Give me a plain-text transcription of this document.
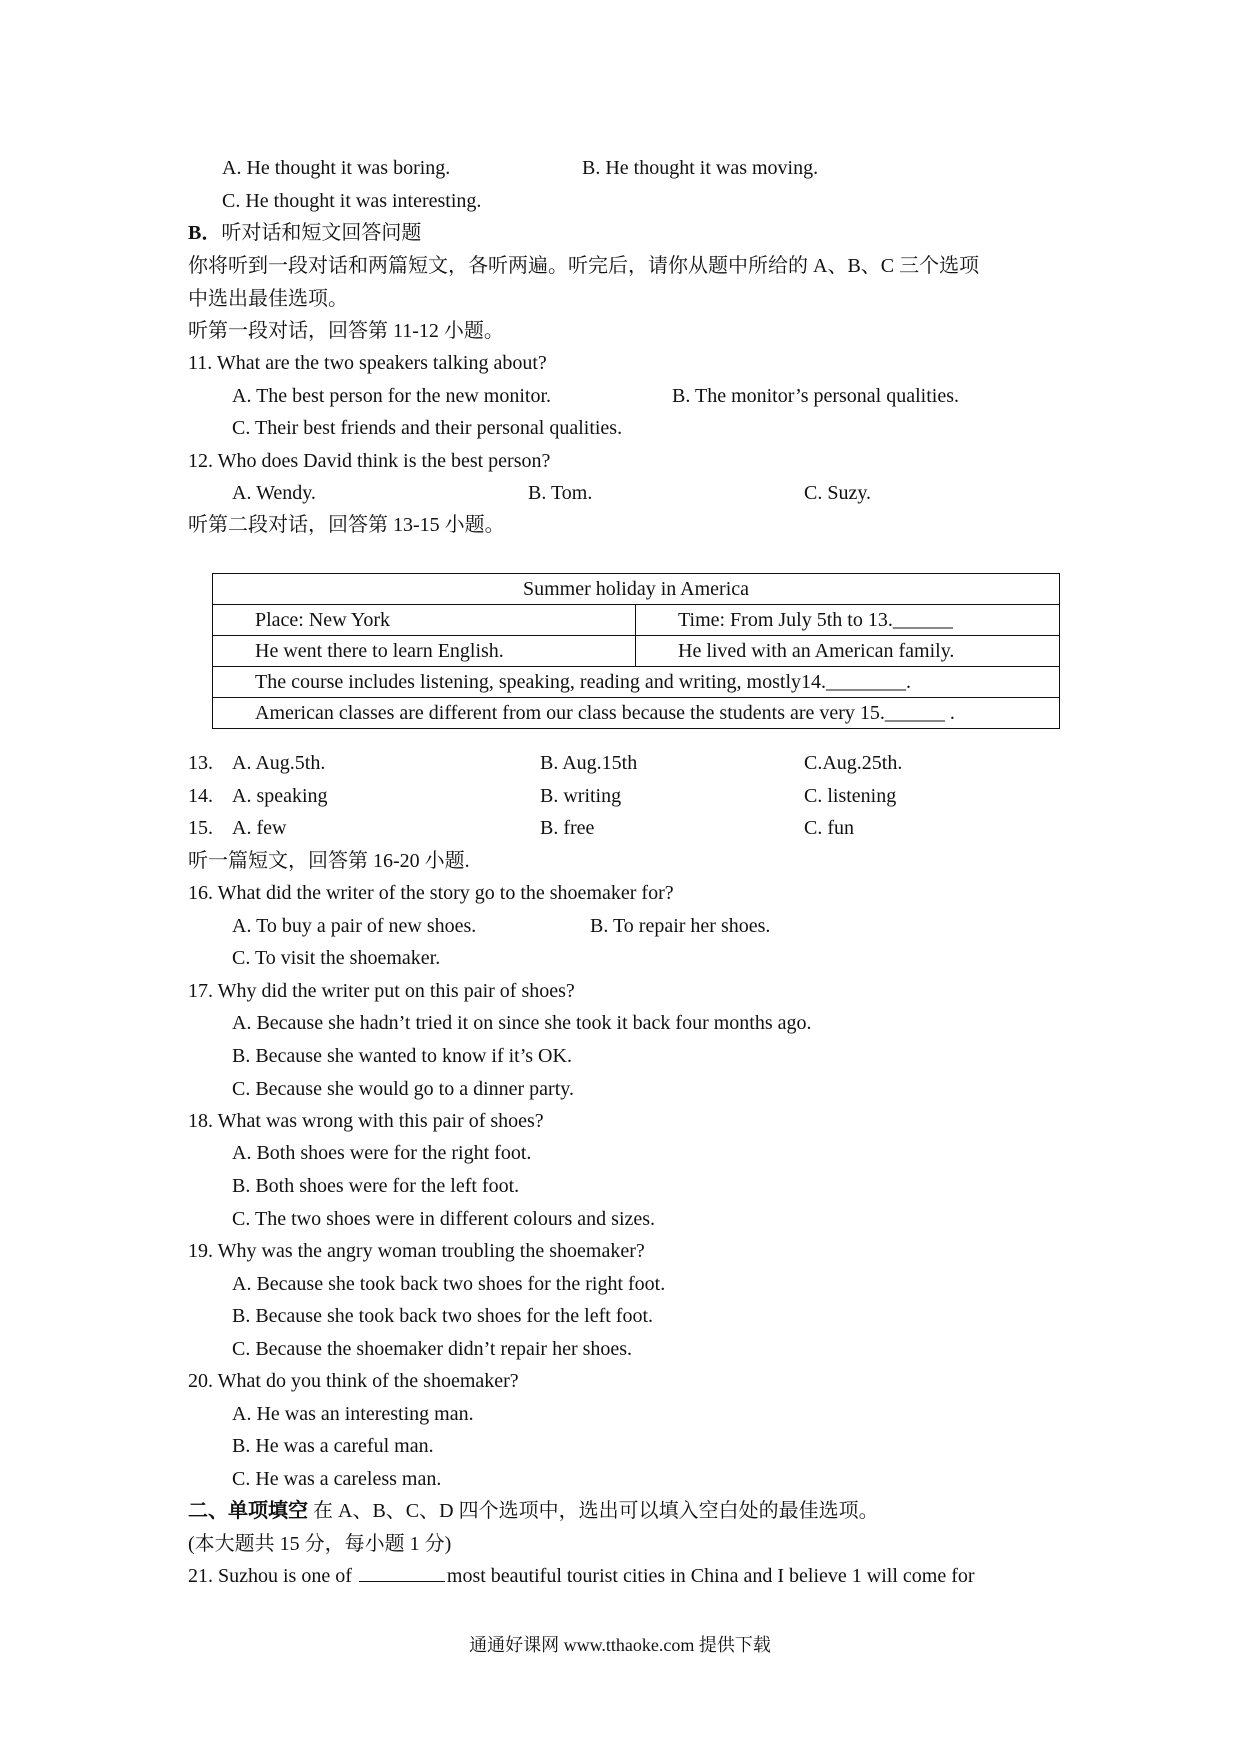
A. He thought it was boring.	B. He thought it was moving.
C. He thought it was interesting.
B．听对话和短文回答问题
你将听到一段对话和两篇短文，各听两遍。听完后，请你从题中所给的 A、B、C 三个选项
中选出最佳选项。
听第一段对话，回答第 11-12 小题。
11. What are the two speakers talking about?
A. The best person for the new monitor.	B. The monitor’s personal qualities.
C. Their best friends and their personal qualities.
12. Who does David think is the best person?
A. Wendy.	B. Tom.	C. Suzy.
听第二段对话，回答第 13-15 小题。
Summer holiday in America	
Place: New York	Time: From July 5th to 13.______
He went there to learn English.	He lived with an American family.
The course includes listening, speaking, reading and writing, mostly14.________.	
American classes are different from our class because the students are very 15.______ .	
13. A. Aug.5th.	B. Aug.15th	C.Aug.25th.
14. A. speaking	B. writing	C. listening
15. A. few	B. free	C. fun
听一篇短文，回答第 16-20 小题.
16. What did the writer of the story go to the shoemaker for?
A. To buy a pair of new shoes.	B. To repair her shoes.
C. To visit the shoemaker.
17. Why did the writer put on this pair of shoes?
A. Because she hadn’t tried it on since she took it back four months ago.
B. Because she wanted to know if it’s OK.
C. Because she would go to a dinner party.
18. What was wrong with this pair of shoes?
A. Both shoes were for the right foot.
B. Both shoes were for the left foot.
C. The two shoes were in different colours and sizes.
19. Why was the angry woman troubling the shoemaker?
A. Because she took back two shoes for the right foot.
B. Because she took back two shoes for the left foot.
C. Because the shoemaker didn’t repair her shoes.
20. What do you think of the shoemaker?
A. He was an interesting man.
B. He was a careful man.
C. He was a careless man.
二、单项填空 在 A、B、C、D 四个选项中，选出可以填入空白处的最佳选项。
(本大题共 15 分，每小题 1 分)
21. Suzhou is one of	most beautiful tourist cities in China and I believe 1 will come for
通通好课网 www.tthaoke.com 提供下载
